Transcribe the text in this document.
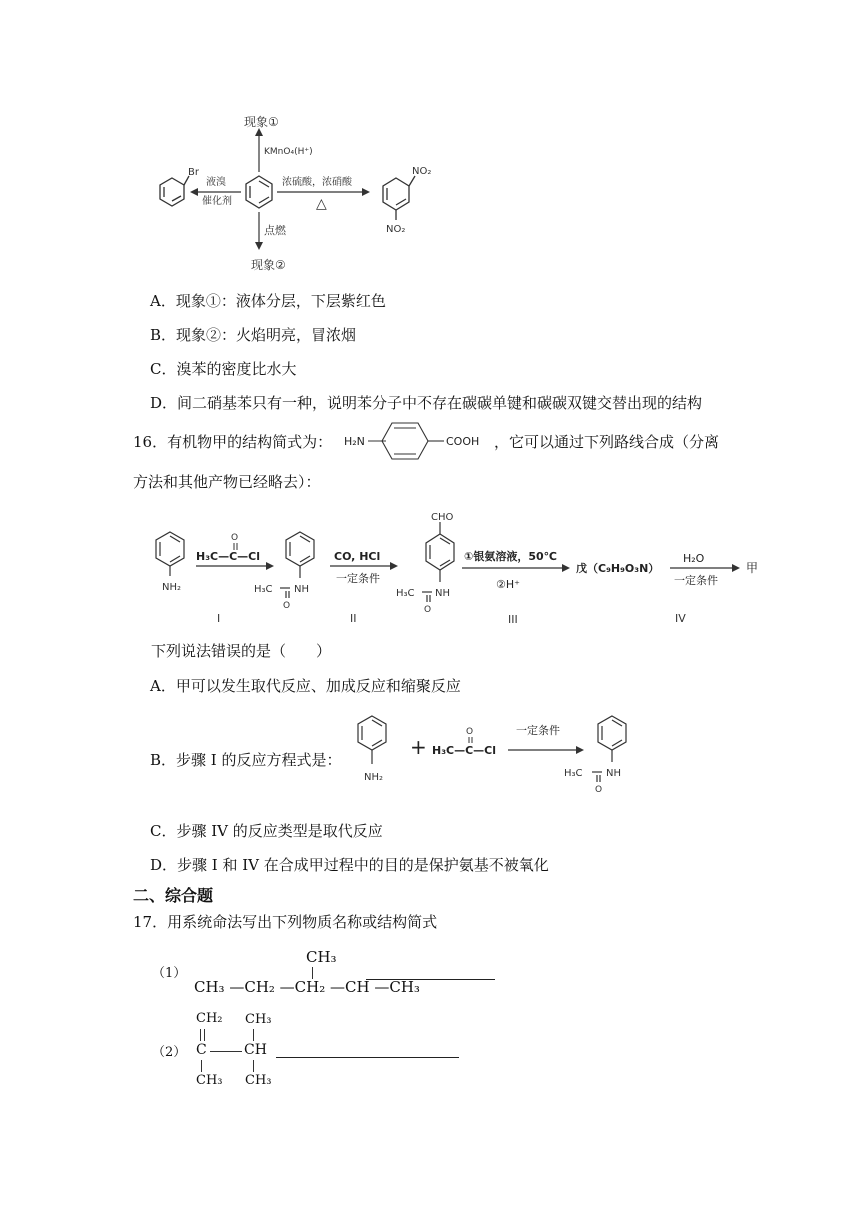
现象①
KMnO₄(H⁺)
点燃
现象②
液溴
催化剂
Br
浓硫酸，浓硝酸
△
NO₂
NO₂
A．现象①：液体分层，下层紫红色
B．现象②：火焰明亮，冒浓烟
C．溴苯的密度比水大
D．间二硝基苯只有一种，说明苯分子中不存在碳碳单键和碳碳双键交替出现的结构
16．有机物甲的结构简式为： H₂N	COOH ，它可以通过下列路线合成（分离
方法和其他产物已经略去）：
NH₂
O
H₃C—C—Cl
I
H₃C
O
NH
CO, HCl
一定条件
II
CHO
H₃C
O
NH
①银氨溶液，50℃
②H⁺
III
戊（C₉H₉O₃N）
H₂O
一定条件
IV
甲
下列说法错误的是（　　）
A．甲可以发生取代反应、加成反应和缩聚反应
B．步骤 I 的反应方程式是：
NH₂
+
O
H₃C—C—Cl
一定条件
H₃C
O
NH
C．步骤 IV 的反应类型是取代反应
D．步骤 I 和 IV 在合成甲过程中的目的是保护氨基不被氧化
二、综合题
17．用系统命法写出下列物质名称或结构简式
（1）
CH₃
CH₃ —CH₂ —CH₂ —CH —CH₃
CH₂
（2） C	CH
CH₃
CH₃ CH₃
